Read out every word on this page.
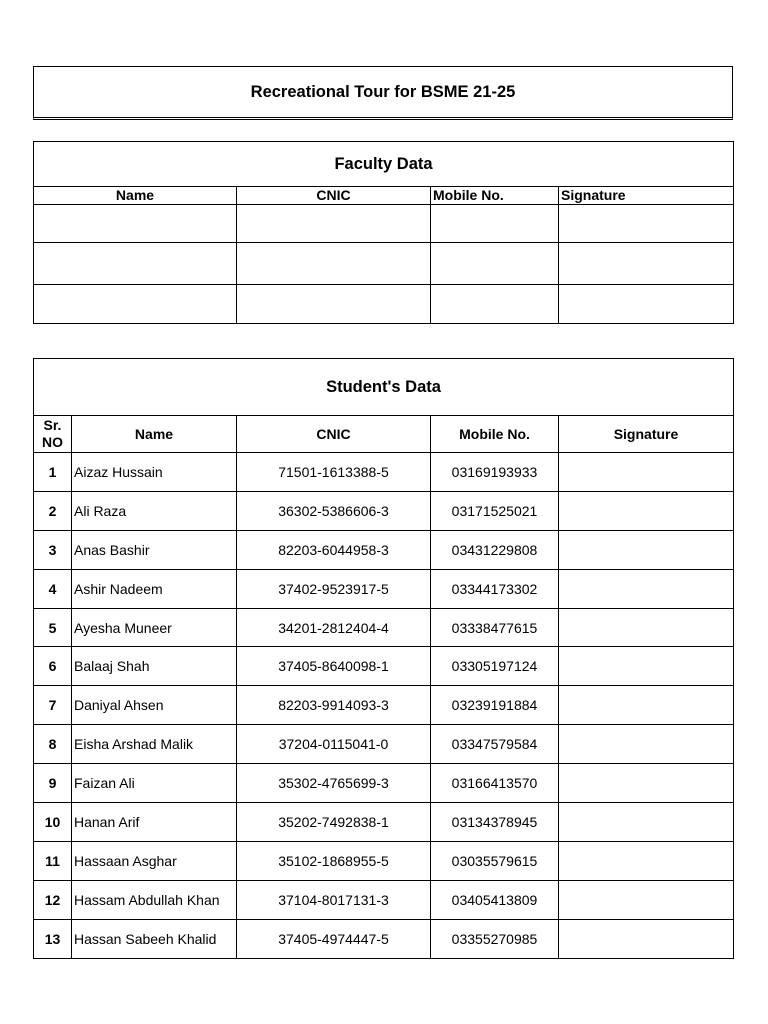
Recreational Tour for BSME 21-25
Faculty Data			
Name	CNIC	Mobile No.	Signature

Student's Data				
Sr.
NO	Name	CNIC	Mobile No.	Signature
1	Aizaz Hussain	71501-1613388-5	03169193933	
2	Ali Raza	36302-5386606-3	03171525021	
3	Anas Bashir	82203-6044958-3	03431229808	
4	Ashir Nadeem	37402-9523917-5	03344173302	
5	Ayesha Muneer	34201-2812404-4	03338477615	
6	Balaaj Shah	37405-8640098-1	03305197124	
7	Daniyal Ahsen	82203-9914093-3	03239191884	
8	Eisha Arshad Malik	37204-0115041-0	03347579584	
9	Faizan Ali	35302-4765699-3	03166413570	
10	Hanan Arif	35202-7492838-1	03134378945	
11	Hassaan Asghar	35102-1868955-5	03035579615	
12	Hassam Abdullah Khan	37104-8017131-3	03405413809	
13	Hassan Sabeeh Khalid	37405-4974447-5	03355270985	
